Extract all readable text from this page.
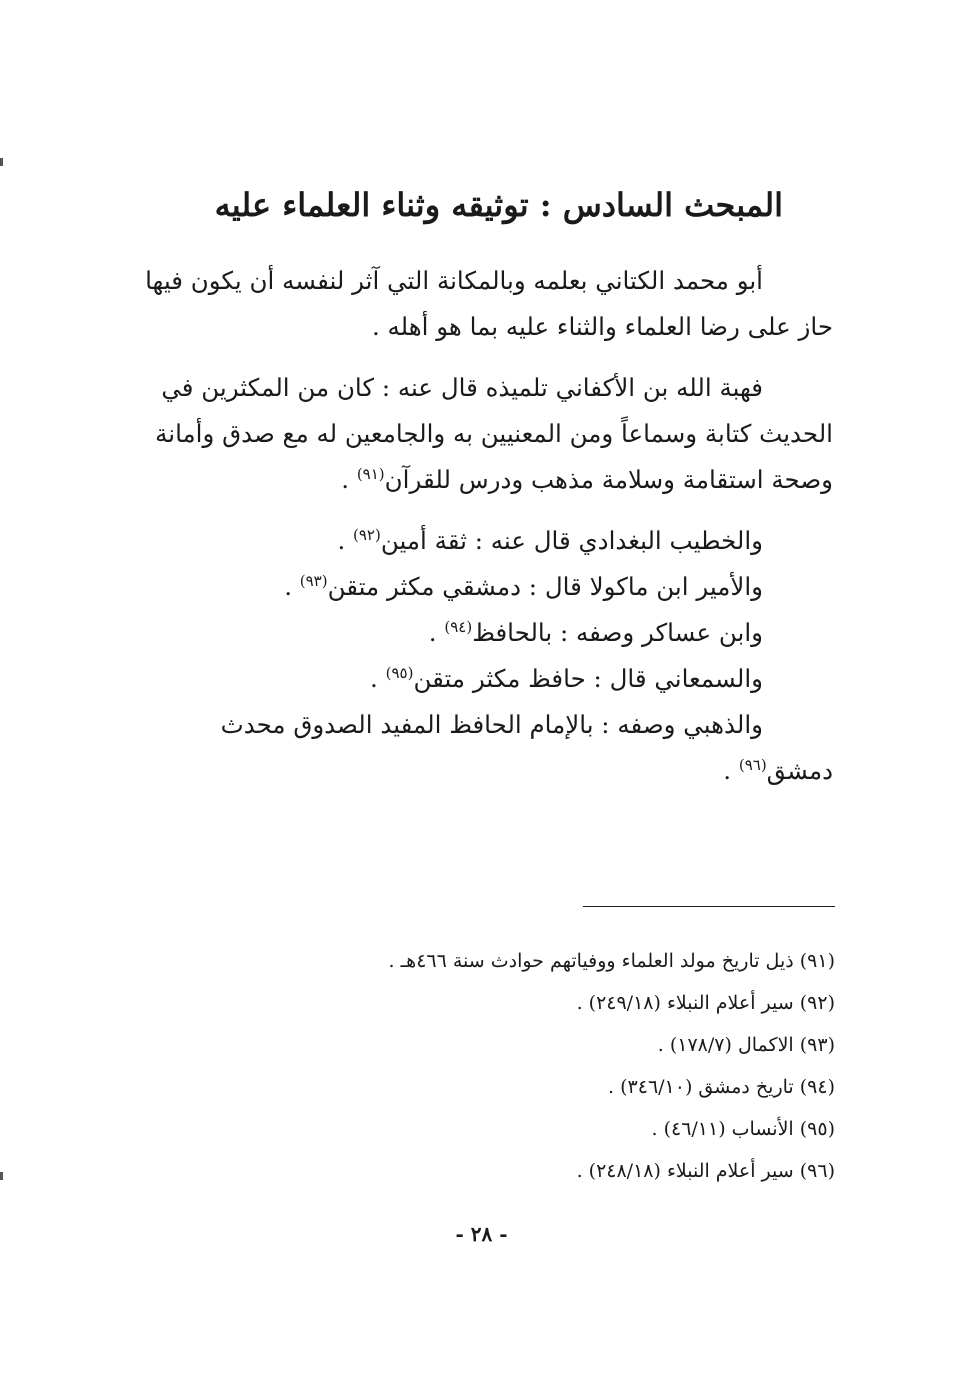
المبحث السادس : توثيقه وثناء العلماء عليه
أبو محمد الكتاني بعلمه وبالمكانة التي آثر لنفسه أن يكون فيها
حاز على رضا العلماء والثناء عليه بما هو أهله .
فهبة الله بن الأكفاني تلميذه قال عنه : كان من المكثرين في
الحديث كتابة وسماعاً ومن المعنيين به والجامعين له مع صدق وأمانة
وصحة استقامة وسلامة مذهب ودرس للقرآن$^{(٩١)}$ .
والخطيب البغدادي قال عنه : ثقة أمين$^{(٩٢)}$ .
والأمير ابن ماكولا قال : دمشقي مكثر متقن$^{(٩٣)}$ .
وابن عساكر وصفه : بالحافظ$^{(٩٤)}$ .
والسمعاني قال : حافظ مكثر متقن$^{(٩٥)}$ .
والذهبي وصفه : بالإمام الحافظ المفيد الصدوق محدث
دمشق$^{(٩٦)}$ .
(٩١) ذيل تاريخ مولد العلماء ووفياتهم حوادث سنة ٤٦٦هـ .
(٩٢) سير أعلام النبلاء (٢٤٩/١٨) .
(٩٣) الاكمال (١٧٨/٧) .
(٩٤) تاريخ دمشق (٣٤٦/١٠) .
(٩٥) الأنساب (٤٦/١١) .
(٩٦) سير أعلام النبلاء (٢٤٨/١٨) .
- ٢٨ -
